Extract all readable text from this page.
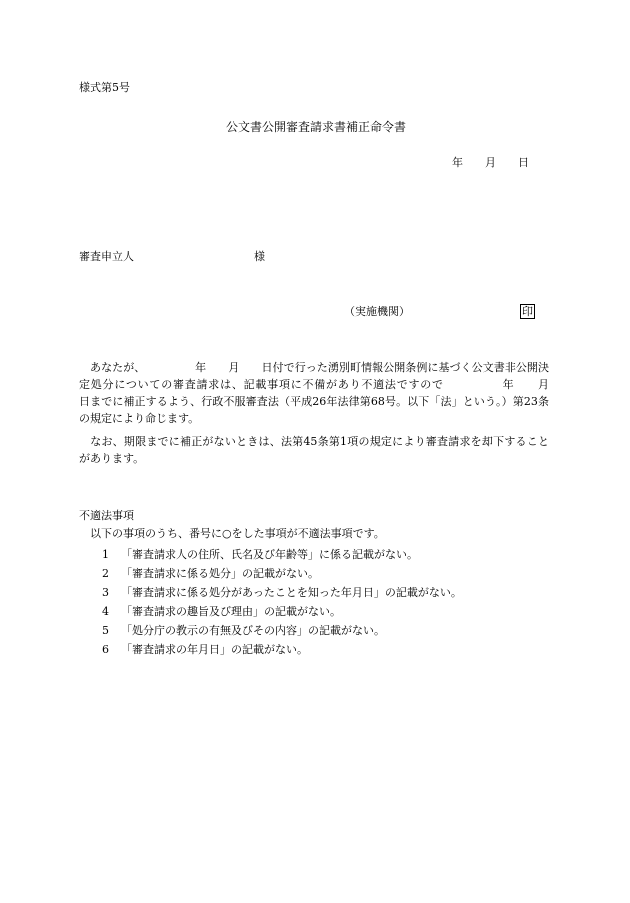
様式第5号
公文書公開審査請求書補正命令書
年　　月　　日
審査申立人	様
（実施機関）	印
　あなたが、　　　　　年　　月　　日付で行った湧別町情報公開条例に基づく公文書非公開決定処分についての審査請求は、記載事項に不備があり不適法ですので　　　　　年　　月　　日までに補正するよう、行政不服審査法（平成26年法律第68号。以下「法」という。）第23条の規定により命じます。
　なお、期限までに補正がないときは、法第45条第1項の規定により審査請求を却下することがあります。
不適法事項
　以下の事項のうち、番号に○をした事項が不適法事項です。
1 「審査請求人の住所、氏名及び年齢等」に係る記載がない。
2 「審査請求に係る処分」の記載がない。
3 「審査請求に係る処分があったことを知った年月日」の記載がない。
4 「審査請求の趣旨及び理由」の記載がない。
5 「処分庁の教示の有無及びその内容」の記載がない。
6 「審査請求の年月日」の記載がない。
